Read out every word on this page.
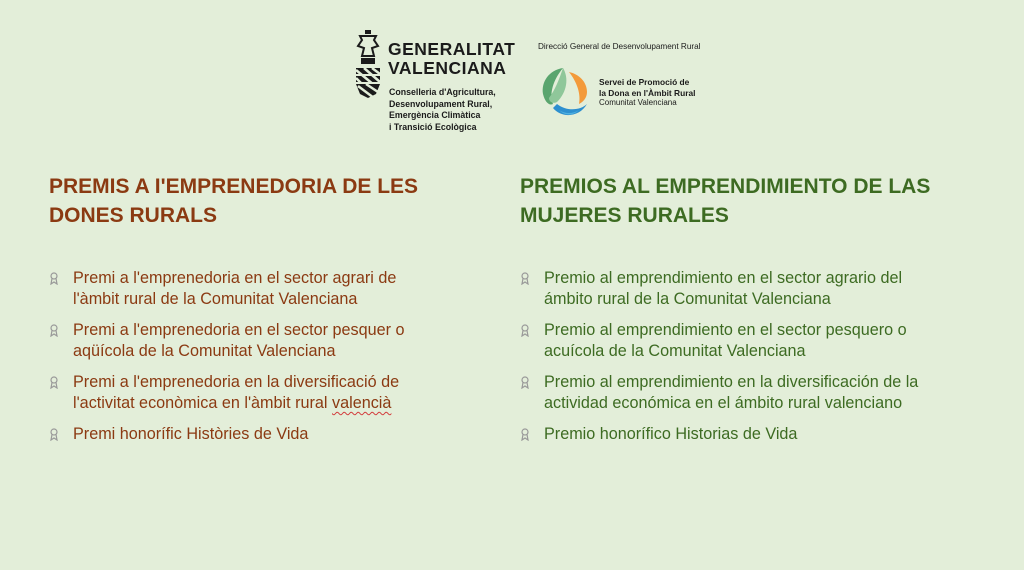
GENERALITAT
VALENCIANA
Conselleria d'Agricultura,
Desenvolupament Rural,
Emergència Climàtica
i Transició Ecològica
Direcció General de Desenvolupament Rural
Servei de Promoció de
la Dona en l'Àmbit Rural
Comunitat Valenciana
PREMIS A I'EMPRENEDORIA DE LES
DONES RURALS
Premi a l'emprenedoria en el sector agrari de
l'àmbit rural de la Comunitat Valenciana
Premi a l'emprenedoria en el sector pesquer o
aqüícola de la Comunitat Valenciana
Premi a l'emprenedoria en la diversificació de
l'activitat econòmica en l'àmbit rural valencià
Premi honorífic Històries de Vida
PREMIOS AL EMPRENDIMIENTO DE LAS
MUJERES RURALES
Premio al emprendimiento en el sector agrario del
ámbito rural de la Comunitat Valenciana
Premio al emprendimiento en el sector pesquero o
acuícola de la Comunitat Valenciana
Premio al emprendimiento en la diversificación de la
actividad económica en el ámbito rural valenciano
Premio honorífico Historias de Vida
